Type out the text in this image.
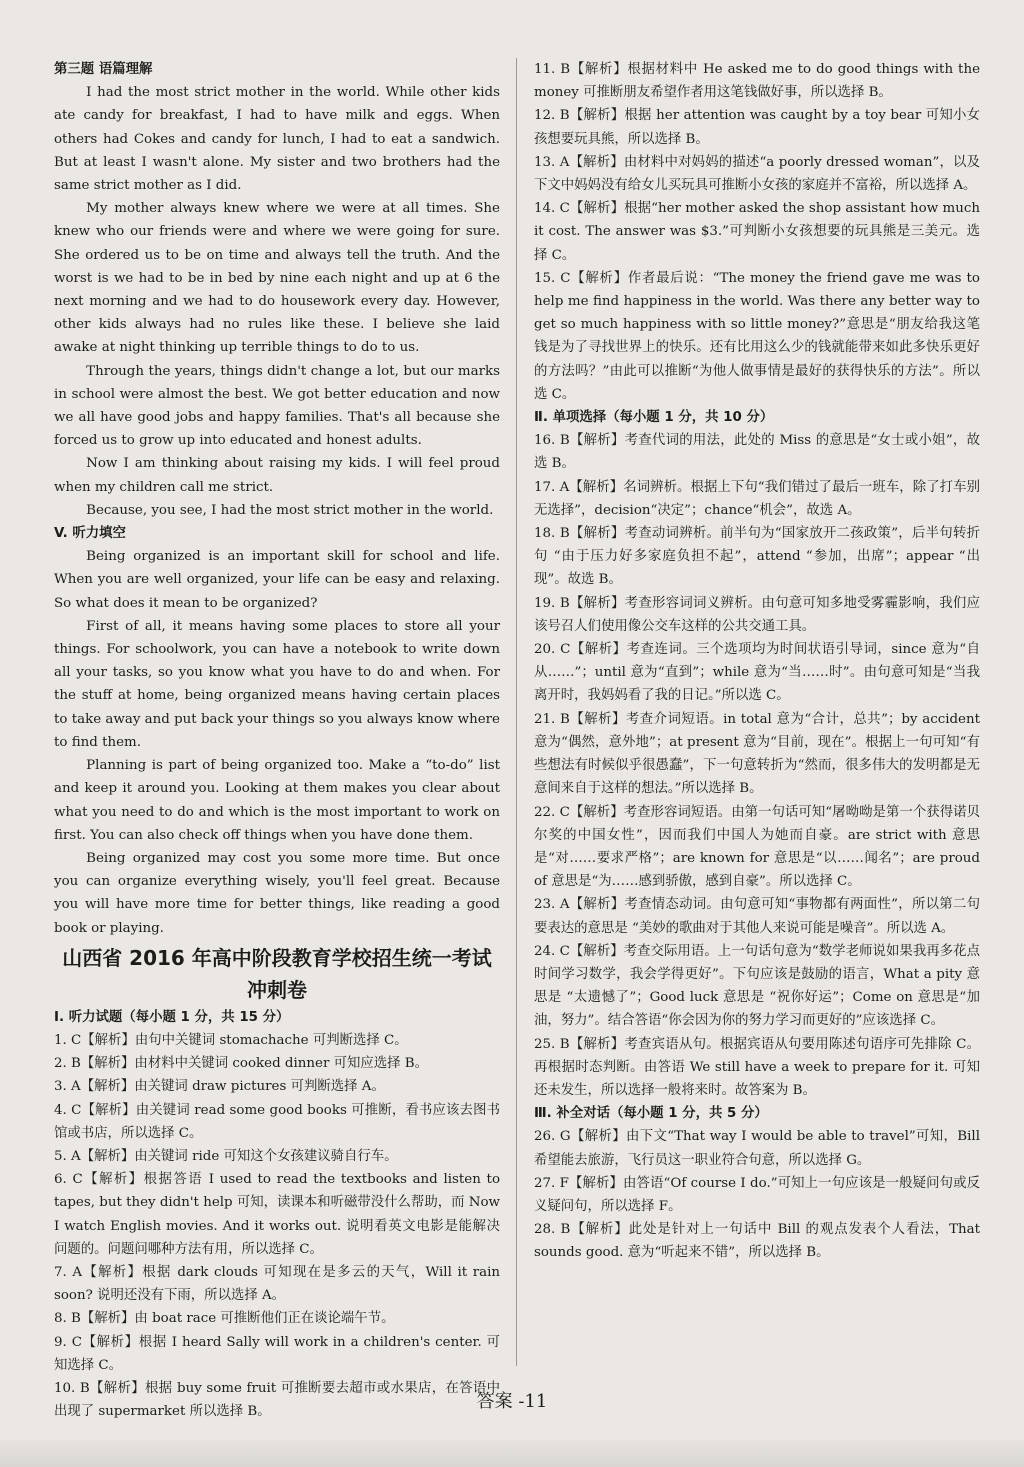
第三题 语篇理解

I had the most strict mother in the world. While other kids ate candy for breakfast, I had to have milk and eggs. When others had Cokes and candy for lunch, I had to eat a sandwich. But at least I wasn't alone. My sister and two brothers had the same strict mother as I did.

My mother always knew where we were at all times. She knew who our friends were and where we were going for sure. She ordered us to be on time and always tell the truth. And the worst is we had to be in bed by nine each night and up at 6 the next morning and we had to do housework every day. However, other kids always had no rules like these. I believe she laid awake at night thinking up terrible things to do to us.

Through the years, things didn't change a lot, but our marks in school were almost the best. We got better education and now we all have good jobs and happy families. That's all because she forced us to grow up into educated and honest adults.

Now I am thinking about raising my kids. I will feel proud when my children call me strict.

Because, you see, I had the most strict mother in the world.

V. 听力填空

Being organized is an important skill for school and life. When you are well organized, your life can be easy and relaxing. So what does it mean to be organized?

First of all, it means having some places to store all your things. For schoolwork, you can have a notebook to write down all your tasks, so you know what you have to do and when. For the stuff at home, being organized means having certain places to take away and put back your things so you always know where to find them.

Planning is part of being organized too. Make a “to-do” list and keep it around you. Looking at them makes you clear about what you need to do and which is the most important to work on first. You can also check off things when you have done them.

Being organized may cost you some more time. But once you can organize everything wisely, you'll feel great. Because you will have more time for better things, like reading a good book or playing.

山西省 2016 年高中阶段教育学校招生统一考试
冲刺卷
Ⅰ. 听力试题（每小题 1 分，共 15 分）

1. C【解析】由句中关键词 stomachache 可判断选择 C。

2. B【解析】由材料中关键词 cooked dinner 可知应选择 B。

3. A【解析】由关键词 draw pictures 可判断选择 A。

4. C【解析】由关键词 read some good books 可推断，看书应该去图书馆或书店，所以选择 C。

5. A【解析】由关键词 ride 可知这个女孩建议骑自行车。

6. C【解析】根据答语 I used to read the textbooks and listen to tapes, but they didn't help 可知，读课本和听磁带没什么帮助，而 Now I watch English movies. And it works out. 说明看英文电影是能解决问题的。问题问哪种方法有用，所以选择 C。

7. A【解析】根据 dark clouds 可知现在是多云的天气，Will it rain soon? 说明还没有下雨，所以选择 A。

8. B【解析】由 boat race 可推断他们正在谈论端午节。

9. C【解析】根据 I heard Sally will work in a children's center. 可知选择 C。

10. B【解析】根据 buy some fruit 可推断要去超市或水果店，在答语中出现了 supermarket 所以选择 B。

11. B【解析】根据材料中 He asked me to do good things with the money 可推断朋友希望作者用这笔钱做好事，所以选择 B。

12. B【解析】根据 her attention was caught by a toy bear 可知小女孩想要玩具熊，所以选择 B。

13. A【解析】由材料中对妈妈的描述“a poorly dressed woman”，以及下文中妈妈没有给女儿买玩具可推断小女孩的家庭并不富裕，所以选择 A。

14. C【解析】根据“her mother asked the shop assistant how much it cost. The answer was $3.”可判断小女孩想要的玩具熊是三美元。选择 C。

15. C【解析】作者最后说：“The money the friend gave me was to help me find happiness in the world. Was there any better way to get so much happiness with so little money?”意思是“朋友给我这笔钱是为了寻找世界上的快乐。还有比用这么少的钱就能带来如此多快乐更好的方法吗？”由此可以推断“为他人做事情是最好的获得快乐的方法”。所以选 C。

Ⅱ. 单项选择（每小题 1 分，共 10 分）

16. B【解析】考查代词的用法，此处的 Miss 的意思是“女士或小姐”，故选 B。

17. A【解析】名词辨析。根据上下句“我们错过了最后一班车，除了打车别无选择”，decision“决定”；chance“机会”，故选 A。

18. B【解析】考查动词辨析。前半句为“国家放开二孩政策”，后半句转折句 “由于压力好多家庭负担不起”，attend “参加，出席”；appear “出现”。故选 B。

19. B【解析】考查形容词词义辨析。由句意可知多地受雾霾影响，我们应该号召人们使用像公交车这样的公共交通工具。

20. C【解析】考查连词。三个选项均为时间状语引导词，since 意为“自从……”；until 意为“直到”；while 意为“当……时”。由句意可知是“当我离开时，我妈妈看了我的日记。”所以选 C。

21. B【解析】考查介词短语。in total 意为“合计，总共”；by accident 意为“偶然，意外地”；at present 意为“目前，现在”。根据上一句可知“有些想法有时候似乎很愚蠢”，下一句意转折为“然而，很多伟大的发明都是无意间来自于这样的想法。”所以选择 B。

22. C【解析】考查形容词短语。由第一句话可知“屠呦呦是第一个获得诺贝尔奖的中国女性”，因而我们中国人为她而自豪。are strict with 意思是“对……要求严格”；are known for 意思是“以……闻名”；are proud of 意思是“为……感到骄傲，感到自豪”。所以选择 C。

23. A【解析】考查情态动词。由句意可知“事物都有两面性”，所以第二句要表达的意思是 “美妙的歌曲对于其他人来说可能是噪音”。所以选 A。

24. C【解析】考查交际用语。上一句话句意为“数学老师说如果我再多花点时间学习数学，我会学得更好”。下句应该是鼓励的语言，What a pity 意思是 “太遗憾了”；Good luck 意思是 “祝你好运”；Come on 意思是“加油，努力”。结合答语“你会因为你的努力学习而更好的”应该选择 C。

25. B【解析】考查宾语从句。根据宾语从句要用陈述句语序可先排除 C。再根据时态判断。由答语 We still have a week to prepare for it. 可知还未发生，所以选择一般将来时。故答案为 B。

Ⅲ. 补全对话（每小题 1 分，共 5 分）

26. G【解析】由下文“That way I would be able to travel”可知，Bill 希望能去旅游，飞行员这一职业符合句意，所以选择 G。

27. F【解析】由答语“Of course I do.”可知上一句应该是一般疑问句或反义疑问句，所以选择 F。

28. B【解析】此处是针对上一句话中 Bill 的观点发表个人看法，That sounds good. 意为“听起来不错”，所以选择 B。

答案 -11
